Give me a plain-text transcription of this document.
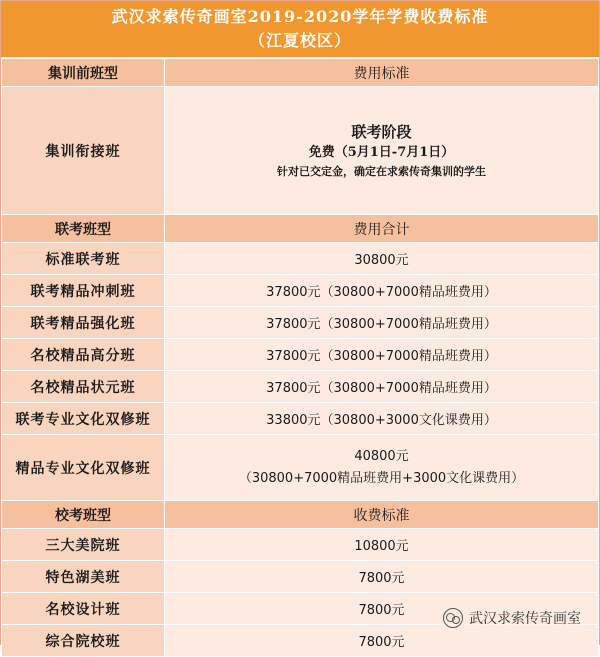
武汉求索传奇画室2019-2020学年学费收费标准
（江夏校区）
集训前班型	费用标准
集训衔接班	联考阶段
免费（5月1日-7月1日）
针对已交定金，确定在求索传奇集训的学生

联考班型	费用合计
标准联考班	30800元
联考精品冲刺班	37800元（30800+7000精品班费用）
联考精品强化班	37800元（30800+7000精品班费用）
名校精品高分班	37800元（30800+7000精品班费用）
名校精品状元班	37800元（30800+7000精品班费用）
联考专业文化双修班	33800元（30800+3000文化课费用）
精品专业文化双修班	40800元
（30800+7000精品班费用+3000文化课费用）

校考班型	收费标准
三大美院班	10800元
特色湖美班	7800元
名校设计班	7800元
综合院校班	7800元
武汉求索传奇画室
